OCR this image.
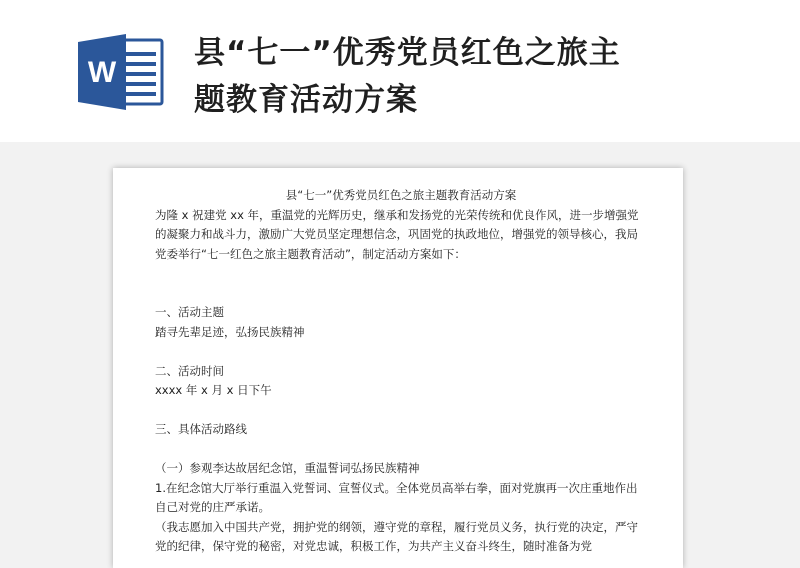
W
县“七一”优秀党员红色之旅主
题教育活动方案
县“七一”优秀党员红色之旅主题教育活动方案

为隆 x 祝建党 xx 年，重温党的光辉历史，继承和发扬党的光荣传统和优良作风，进一步增强党的凝聚力和战斗力，激励广大党员坚定理想信念，巩固党的执政地位，增强党的领导核心，我局党委举行“七一红色之旅主题教育活动”，制定活动方案如下：

一、活动主题

踏寻先辈足迹，弘扬民族精神

二、活动时间

xxxx 年 x 月 x 日下午

三、具体活动路线

（一）参观李达故居纪念馆，重温誓词弘扬民族精神

1.在纪念馆大厅举行重温入党誓词、宣誓仪式。全体党员高举右拳，面对党旗再一次庄重地作出自己对党的庄严承诺。

（我志愿加入中国共产党，拥护党的纲领，遵守党的章程，履行党员义务，执行党的决定，严守党的纪律，保守党的秘密，对党忠诚，积极工作，为共产主义奋斗终生，随时准备为党
